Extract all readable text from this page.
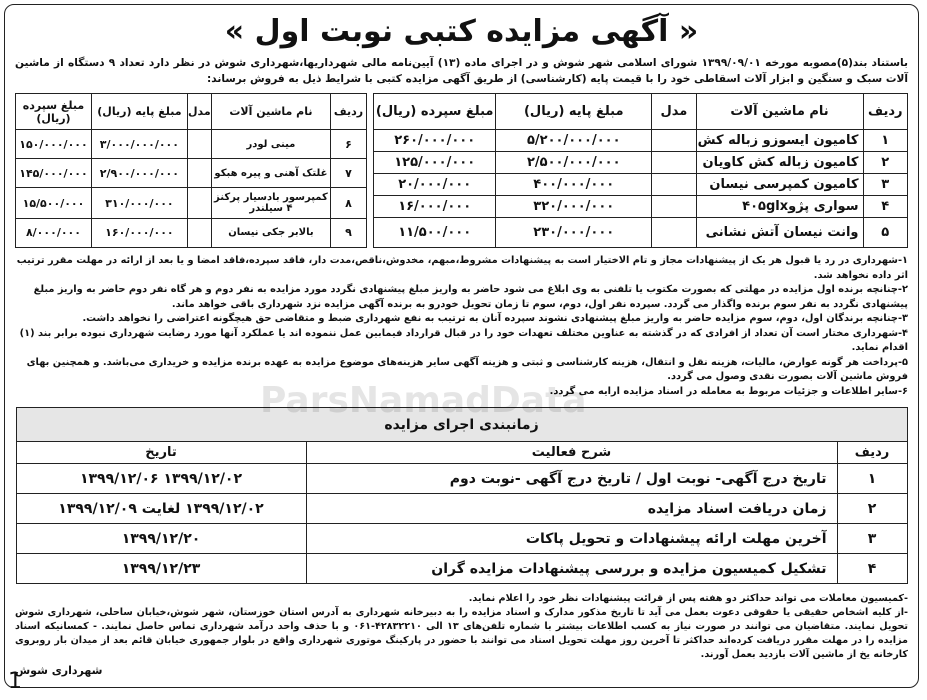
« آگهی مزایده کتبی نوبت اول »
باستناد بند(۵)مصوبه مورخه ۱۳۹۹/۰۹/۰۱ شورای اسلامی شهر شوش و در اجرای ماده (۱۳) آیین‌نامه مالی شهرداریها،شهرداری شوش در نظر دارد تعداد ۹ دستگاه از ماشین آلات سبک و سنگین و ابزار آلات اسقاطی خود را با قیمت پایه (کارشناسی) از طریق آگهی مزایده کتبی با شرایط ذیل به فروش برساند:
ردیف	نام ماشین آلات	مدل	مبلغ پایه (ریال)	مبلغ سپرده (ریال)
۱	کامیون ایسوزو زباله کش		۵/۲۰۰/۰۰۰/۰۰۰	۲۶۰/۰۰۰/۰۰۰
۲	کامیون زباله کش کاویان		۲/۵۰۰/۰۰۰/۰۰۰	۱۲۵/۰۰۰/۰۰۰
۳	کامیون کمپرسی نیسان		۴۰۰/۰۰۰/۰۰۰	۲۰/۰۰۰/۰۰۰
۴	سواری پژو۴۰۵glx		۳۲۰/۰۰۰/۰۰۰	۱۶/۰۰۰/۰۰۰
۵	وانت نیسان آتش نشانی		۲۳۰/۰۰۰/۰۰۰	۱۱/۵۰۰/۰۰۰
ردیف	نام ماشین آلات	مدل	مبلغ پایه (ریال)	مبلغ سپرده (ریال)
۶	مینی لودر		۳/۰۰۰/۰۰۰/۰۰۰	۱۵۰/۰۰۰/۰۰۰
۷	غلتک آهنی و پیره هبکو		۲/۹۰۰/۰۰۰/۰۰۰	۱۴۵/۰۰۰/۰۰۰
۸	کمپرسور بادسیار پرکنز ۴ سیلندر		۳۱۰/۰۰۰/۰۰۰	۱۵/۵۰۰/۰۰۰
۹	بالابر جکی نیسان		۱۶۰/۰۰۰/۰۰۰	۸/۰۰۰/۰۰۰

۱-شهرداری در رد یا قبول هر یک از پیشنهادات مجاز و تام الاختیار است به پیشنهادات مشروط،مبهم، مخدوش،ناقص،مدت دار، فاقد سپرده،فاقد امضا و یا بعد از ارائه در مهلت مقرر ترتیب اثر داده نخواهد شد.

۲-چنانچه برنده اول مزایده در مهلتی که بصورت مکتوب یا تلفنی به وی ابلاغ می شود حاضر به واریز مبلغ پیشنهادی نگردد مورد مزایده به نفر دوم و هر گاه نفر دوم حاضر به واریز مبلغ پیشنهادی نگردد به نفر سوم برنده واگذار می گردد. سپرده نفر اول، دوم، سوم تا زمان تحویل خودرو به برنده آگهی مزایده نزد شهرداری باقی خواهد ماند.

۳-چنانچه برندگان اول، دوم، سوم مزایده حاضر به واریز مبلغ پیشنهادی نشوند سپرده آنان به ترتیب به نفع شهرداری ضبط و متقاضی حق هیچگونه اعتراضی را نخواهد داشت.

۴-شهرداری مختار است آن تعداد از افرادی که در گذشته به عناوین مختلف تعهدات خود را در قبال قرارداد فیمابین عمل ننموده اند یا عملکرد آنها مورد رضایت شهرداری نبوده برابر بند (۱) اقدام نماید.

۵-پرداخت هر گونه عوارض، مالیات، هزینه نقل و انتقال، هزینه کارشناسی و ثبتی و هزینه آگهی سایر هزینه‌های موضوع مزایده به عهده برنده مزایده و خریداری می‌باشد. و همچنین بهای فروش ماشین آلات بصورت نقدی وصول می گردد.

۶-سایر اطلاعات و جزئیات مربوط به معامله در اسناد مزایده ارایه می گردد.

زمانبندی اجرای مزایده
ردیف	شرح فعالیت	تاریخ
۱	تاریخ درج آگهی- نوبت اول / تاریخ درج آگهی -نوبت دوم	۱۳۹۹/۱۲/۰۲ ۱۳۹۹/۱۲/۰۶
۲	زمان دریافت اسناد مزایده	۱۳۹۹/۱۲/۰۲ لغایت ۱۳۹۹/۱۲/۰۹
۳	آخرین مهلت ارائه پیشنهادات و تحویل پاکات	۱۳۹۹/۱۲/۲۰
۴	تشکیل کمیسیون مزایده و بررسی پیشنهادات مزایده گران	۱۳۹۹/۱۲/۲۳

-کمیسیون معاملات می تواند حداکثر دو هفته پس از قرائت پیشنهادات نظر خود را اعلام نماید.

-از کلیه اشخاص حقیقی یا حقوقی دعوت بعمل می آید تا تاریخ مذکور مدارک و اسناد مزایده را به دبیرخانه شهرداری به آدرس استان خوزستان، شهر شوش،خیابان ساحلی، شهرداری شوش تحویل نمایند. متقاضیان می توانند در صورت نیاز به کسب اطلاعات بیشتر با شماره تلفن‌های ۱۳ الی ۴۲۸۳۲۲۱۰-۰۶۱ و با حذف واحد درآمد شهرداری تماس حاصل نمایند. - کمسانیکه اسناد مزایده را در مهلت مقرر دریافت کرده‌اند حداکثر تا آخرین روز مهلت تحویل اسناد می توانند با حضور در پارکینگ موتوری شهرداری واقع در بلوار جمهوری خیابان قائم بعد از میدان بار روبروی کارخانه یخ از ماشین آلات بازدید بعمل آورند.

شهرداری شوش
ParsNamadData
1
